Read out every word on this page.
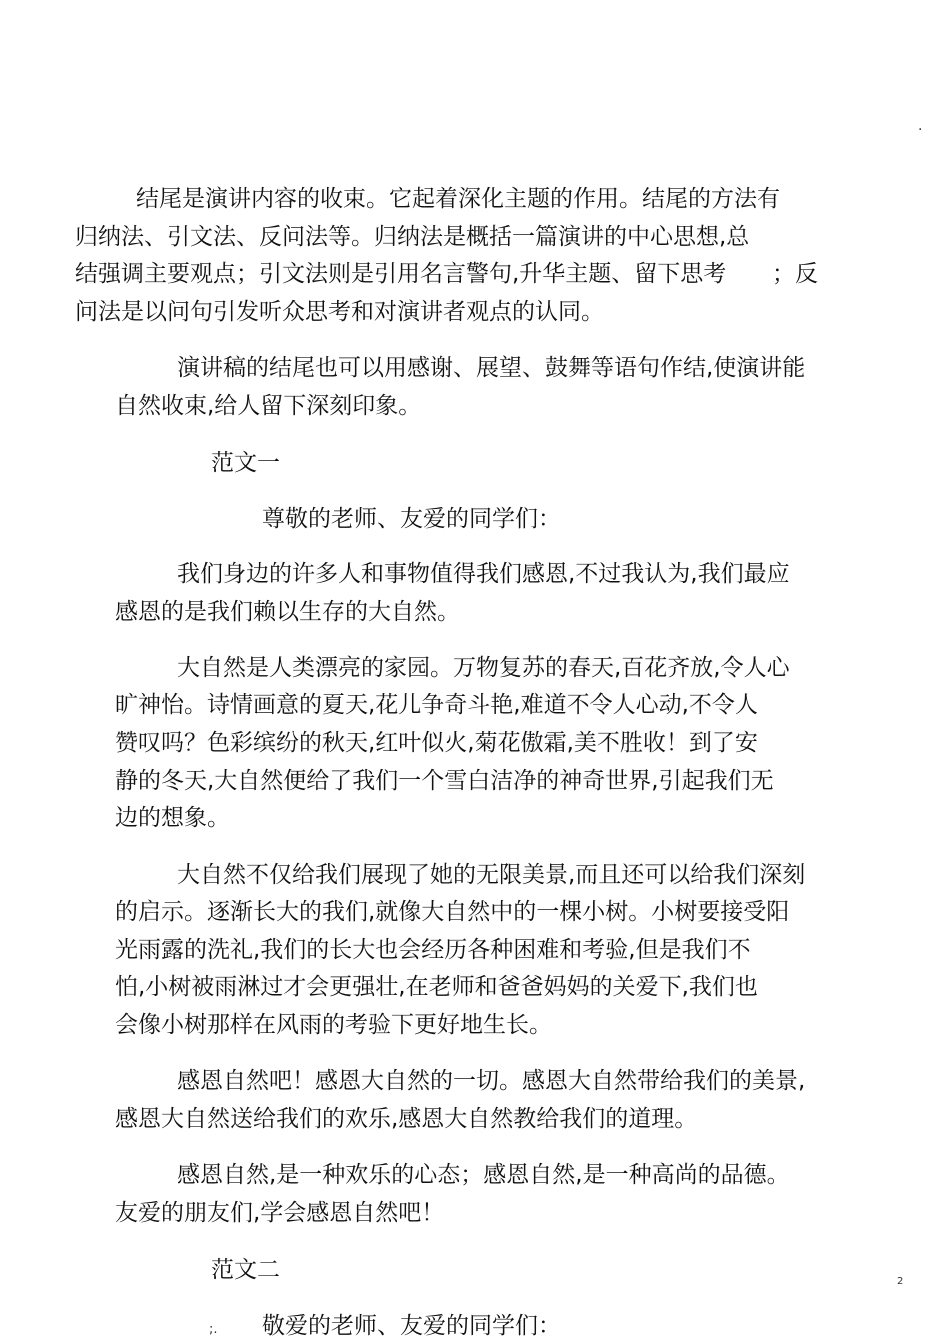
.
结尾是演讲内容的收束。它起着深化主题的作用。结尾的方法有
归纳法、引文法、反问法等。归纳法是概括一篇演讲的中心思想,总
结强调主要观点；引文法则是引用名言警句,升华主题、留下思考 ；反
问法是以问句引发听众思考和对演讲者观点的认同。
演讲稿的结尾也可以用感谢、展望、鼓舞等语句作结,使演讲能
自然收束,给人留下深刻印象。
范文一
尊敬的老师、友爱的同学们：
我们身边的许多人和事物值得我们感恩,不过我认为,我们最应
感恩的是我们赖以生存的大自然。
大自然是人类漂亮的家园。万物复苏的春天,百花齐放,令人心
旷神怡。诗情画意的夏天,花儿争奇斗艳,难道不令人心动,不令人
赞叹吗？色彩缤纷的秋天,红叶似火,菊花傲霜,美不胜收！到了安
静的冬天,大自然便给了我们一个雪白洁净的神奇世界,引起我们无
边的想象。
大自然不仅给我们展现了她的无限美景,而且还可以给我们深刻
的启示。逐渐长大的我们,就像大自然中的一棵小树。小树要接受阳
光雨露的洗礼,我们的长大也会经历各种困难和考验,但是我们不
怕,小树被雨淋过才会更强壮,在老师和爸爸妈妈的关爱下,我们也
会像小树那样在风雨的考验下更好地生长。
感恩自然吧！感恩大自然的一切。感恩大自然带给我们的美景,
感恩大自然送给我们的欢乐,感恩大自然教给我们的道理。
感恩自然,是一种欢乐的心态；感恩自然,是一种高尚的品德。
友爱的朋友们,学会感恩自然吧！
范文二	2
;. 敬爱的老师、友爱的同学们：
